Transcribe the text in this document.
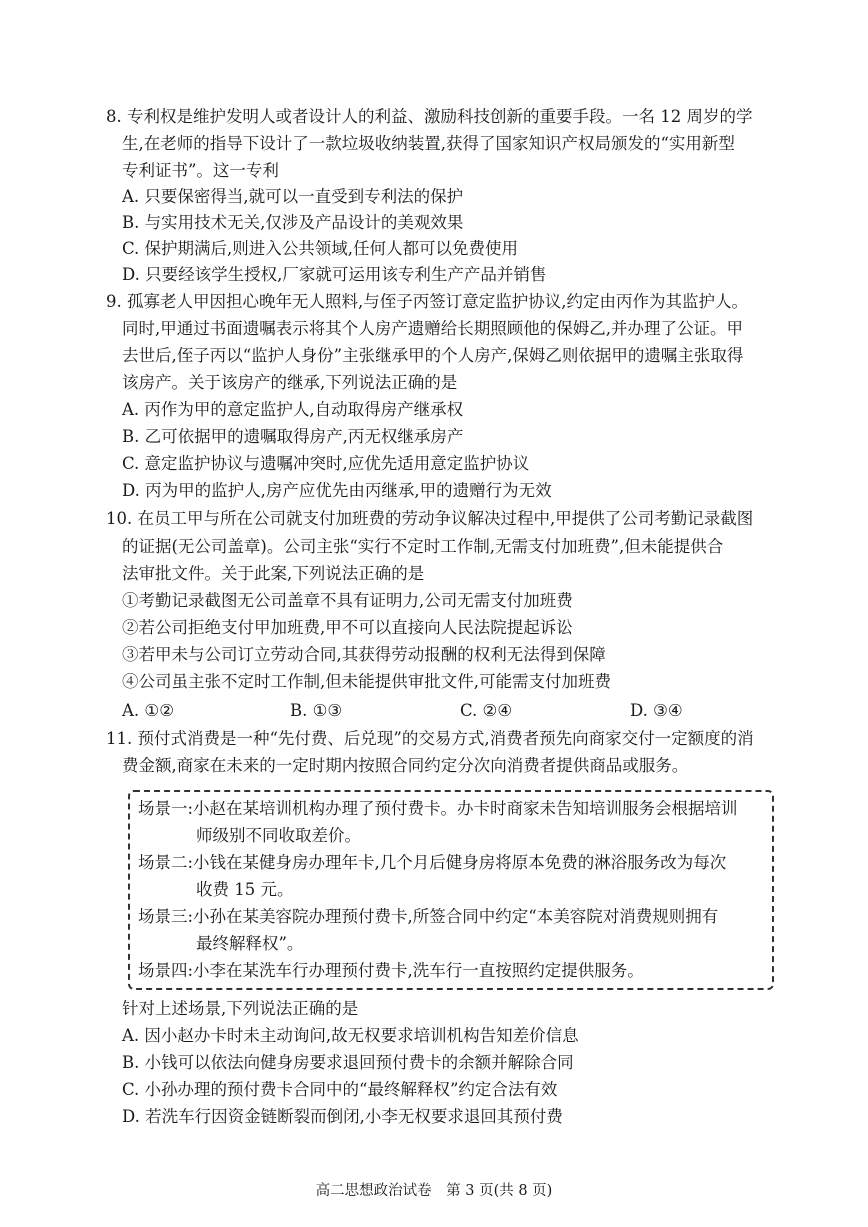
8. 专利权是维护发明人或者设计人的利益、激励科技创新的重要手段。一名 12 周岁的学
生,在老师的指导下设计了一款垃圾收纳装置,获得了国家知识产权局颁发的“实用新型
专利证书”。这一专利
A. 只要保密得当,就可以一直受到专利法的保护
B. 与实用技术无关,仅涉及产品设计的美观效果
C. 保护期满后,则进入公共领域,任何人都可以免费使用
D. 只要经该学生授权,厂家就可运用该专利生产产品并销售
9. 孤寡老人甲因担心晚年无人照料,与侄子丙签订意定监护协议,约定由丙作为其监护人。
同时,甲通过书面遗嘱表示将其个人房产遗赠给长期照顾他的保姆乙,并办理了公证。甲
去世后,侄子丙以“监护人身份”主张继承甲的个人房产,保姆乙则依据甲的遗嘱主张取得
该房产。关于该房产的继承,下列说法正确的是
A. 丙作为甲的意定监护人,自动取得房产继承权
B. 乙可依据甲的遗嘱取得房产,丙无权继承房产
C. 意定监护协议与遗嘱冲突时,应优先适用意定监护协议
D. 丙为甲的监护人,房产应优先由丙继承,甲的遗赠行为无效
10. 在员工甲与所在公司就支付加班费的劳动争议解决过程中,甲提供了公司考勤记录截图
的证据(无公司盖章)。公司主张“实行不定时工作制,无需支付加班费”,但未能提供合
法审批文件。关于此案,下列说法正确的是
①考勤记录截图无公司盖章不具有证明力,公司无需支付加班费
②若公司拒绝支付甲加班费,甲不可以直接向人民法院提起诉讼
③若甲未与公司订立劳动合同,其获得劳动报酬的权利无法得到保障
④公司虽主张不定时工作制,但未能提供审批文件,可能需支付加班费
A. ①②	B. ①③	C. ②④	D. ③④
11. 预付式消费是一种“先付费、后兑现”的交易方式,消费者预先向商家交付一定额度的消
费金额,商家在未来的一定时期内按照合同约定分次向消费者提供商品或服务。
场景一:小赵在某培训机构办理了预付费卡。办卡时商家未告知培训服务会根据培训
师级别不同收取差价。
场景二:小钱在某健身房办理年卡,几个月后健身房将原本免费的淋浴服务改为每次
收费 15 元。
场景三:小孙在某美容院办理预付费卡,所签合同中约定“本美容院对消费规则拥有
最终解释权”。
场景四:小李在某洗车行办理预付费卡,洗车行一直按照约定提供服务。
针对上述场景,下列说法正确的是
A. 因小赵办卡时未主动询问,故无权要求培训机构告知差价信息
B. 小钱可以依法向健身房要求退回预付费卡的余额并解除合同
C. 小孙办理的预付费卡合同中的“最终解释权”约定合法有效
D. 若洗车行因资金链断裂而倒闭,小李无权要求退回其预付费
高二思想政治试卷　第 3 页(共 8 页)
